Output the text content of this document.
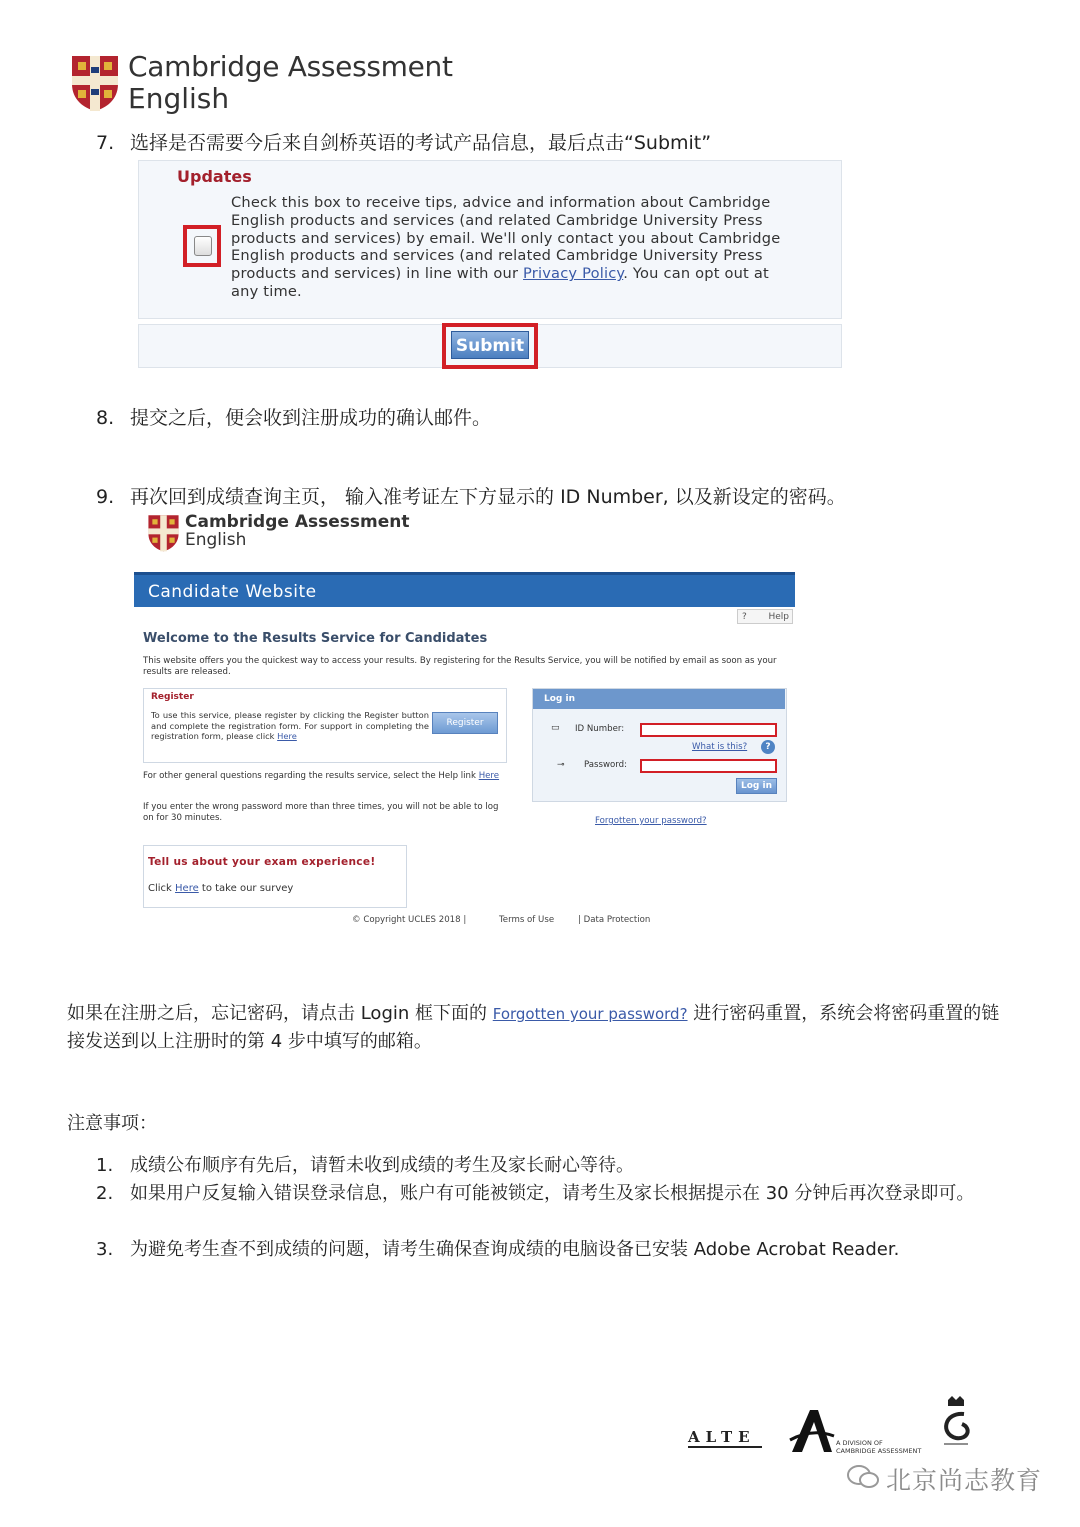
Cambridge Assessment
English
7. 选择是否需要今后来自剑桥英语的考试产品信息，最后点击“Submit”
Updates
Check this box to receive tips, advice and information about Cambridge English products and services (and related Cambridge University Press products and services) by email. We'll only contact you about Cambridge English products and services (and related Cambridge University Press products and services) in line with our Privacy Policy. You can opt out at any time.
Submit
8. 提交之后，便会收到注册成功的确认邮件。
9. 再次回到成绩查询主页， 输入准考证左下方显示的 ID Number, 以及新设定的密码。
Cambridge Assessment
English
Candidate Website
? Help
Welcome to the Results Service for Candidates
This website offers you the quickest way to access your results. By registering for the Results Service, you will be notified by email as soon as your results are released.
Register
To use this service, please register by clicking the Register button and complete the registration form. For support in completing the registration form, please click Here
Register
For other general questions regarding the results service, select the Help link Here
If you enter the wrong password more than three times, you will not be able to log on for 30 minutes.
Log in
▭ ID Number:
What is this?	?
⊸ Password:
Log in
Forgotten your password?
Tell us about your exam experience!
Click Here to take our survey
© Copyright UCLES 2018 |	Terms of Use	| Data Protection
如果在注册之后，忘记密码，请点击 Login 框下面的 Forgotten your password? 进行密码重置，系统会将密码重置的链接发送到以上注册时的第 4 步中填写的邮箱。
注意事项：
1. 成绩公布顺序有先后，请暂未收到成绩的考生及家长耐心等待。
2. 如果用户反复输入错误登录信息，账户有可能被锁定，请考生及家长根据提示在 30 分钟后再次登录即可。
3. 为避免考生查不到成绩的问题，请考生确保查询成绩的电脑设备已安装 Adobe Acrobat Reader.
ALTE	A DIVISION OF
CAMBRIDGE ASSESSMENT
北京尚志教育
